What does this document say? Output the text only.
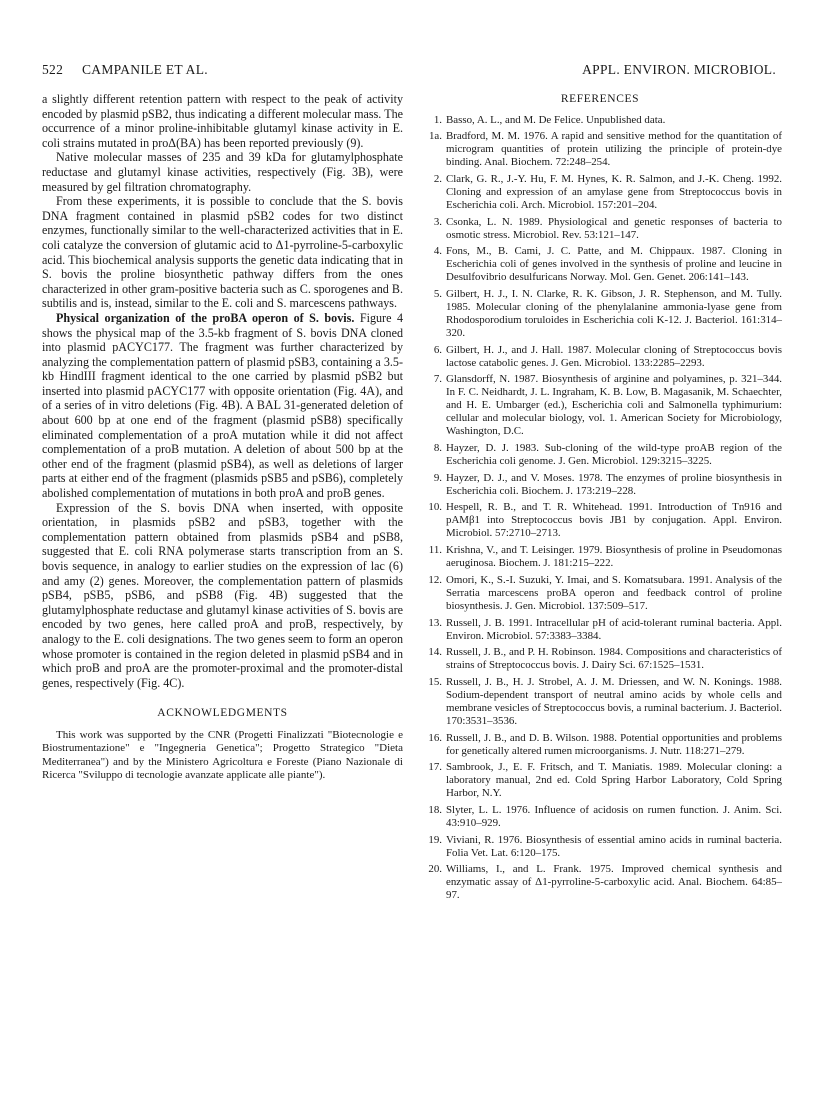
522 CAMPANILE ET AL.	APPL. ENVIRON. MICROBIOL.

a slightly different retention pattern with respect to the peak of activity encoded by plasmid pSB2, thus indicating a different molecular mass. The occurrence of a minor proline-inhibitable glutamyl kinase activity in E. coli strains mutated in proΔ(BA) has been reported previously (9).

Native molecular masses of 235 and 39 kDa for glutamylphosphate reductase and glutamyl kinase activities, respectively (Fig. 3B), were measured by gel filtration chromatography.

From these experiments, it is possible to conclude that the S. bovis DNA fragment contained in plasmid pSB2 codes for two distinct enzymes, functionally similar to the well-characterized activities that in E. coli catalyze the conversion of glutamic acid to Δ1-pyrroline-5-carboxylic acid. This biochemical analysis supports the genetic data indicating that in S. bovis the proline biosynthetic pathway differs from the ones characterized in other gram-positive bacteria such as C. sporogenes and B. subtilis and is, instead, similar to the E. coli and S. marcescens pathways.

Physical organization of the proBA operon of S. bovis. Figure 4 shows the physical map of the 3.5-kb fragment of S. bovis DNA cloned into plasmid pACYC177. The fragment was further characterized by analyzing the complementation pattern of plasmid pSB3, containing a 3.5-kb HindIII fragment identical to the one carried by plasmid pSB2 but inserted into plasmid pACYC177 with opposite orientation (Fig. 4A), and of a series of in vitro deletions (Fig. 4B). A BAL 31-generated deletion of about 600 bp at one end of the fragment (plasmid pSB8) specifically eliminated complementation of a proA mutation while it did not affect complementation of a proB mutation. A deletion of about 500 bp at the other end of the fragment (plasmid pSB4), as well as deletions of larger parts at either end of the fragment (plasmids pSB5 and pSB6), completely abolished complementation of mutations in both proA and proB genes.

Expression of the S. bovis DNA when inserted, with opposite orientation, in plasmids pSB2 and pSB3, together with the complementation pattern obtained from plasmids pSB4 and pSB8, suggested that E. coli RNA polymerase starts transcription from an S. bovis sequence, in analogy to earlier studies on the expression of lac (6) and amy (2) genes. Moreover, the complementation pattern of plasmids pSB4, pSB5, pSB6, and pSB8 (Fig. 4B) suggested that the glutamylphosphate reductase and glutamyl kinase activities of S. bovis are encoded by two genes, here called proA and proB, respectively, by analogy to the E. coli designations. The two genes seem to form an operon whose promoter is contained in the region deleted in plasmid pSB4 and in which proB and proA are the promoter-proximal and the promoter-distal genes, respectively (Fig. 4C).

ACKNOWLEDGMENTS

This work was supported by the CNR (Progetti Finalizzati "Biotecnologie e Biostrumentazione" e "Ingegneria Genetica"; Progetto Strategico "Dieta Mediterranea") and by the Ministero Agricoltura e Foreste (Piano Nazionale di Ricerca "Sviluppo di tecnologie avanzate applicate alle piante").

REFERENCES
1. Basso, A. L., and M. De Felice. Unpublished data.
1a. Bradford, M. M. 1976. A rapid and sensitive method for the quantitation of microgram quantities of protein utilizing the principle of protein-dye binding. Anal. Biochem. 72:248–254.
2. Clark, G. R., J.-Y. Hu, F. M. Hynes, K. R. Salmon, and J.-K. Cheng. 1992. Cloning and expression of an amylase gene from Streptococcus bovis in Escherichia coli. Arch. Microbiol. 157:201–204.
3. Csonka, L. N. 1989. Physiological and genetic responses of bacteria to osmotic stress. Microbiol. Rev. 53:121–147.
4. Fons, M., B. Cami, J. C. Patte, and M. Chippaux. 1987. Cloning in Escherichia coli of genes involved in the synthesis of proline and leucine in Desulfovibrio desulfuricans Norway. Mol. Gen. Genet. 206:141–143.
5. Gilbert, H. J., I. N. Clarke, R. K. Gibson, J. R. Stephenson, and M. Tully. 1985. Molecular cloning of the phenylalanine ammonia-lyase gene from Rhodosporodium toruloides in Escherichia coli K-12. J. Bacteriol. 161:314–320.
6. Gilbert, H. J., and J. Hall. 1987. Molecular cloning of Streptococcus bovis lactose catabolic genes. J. Gen. Microbiol. 133:2285–2293.
7. Glansdorff, N. 1987. Biosynthesis of arginine and polyamines, p. 321–344. In F. C. Neidhardt, J. L. Ingraham, K. B. Low, B. Magasanik, M. Schaechter, and H. E. Umbarger (ed.), Escherichia coli and Salmonella typhimurium: cellular and molecular biology, vol. 1. American Society for Microbiology, Washington, D.C.
8. Hayzer, D. J. 1983. Sub-cloning of the wild-type proAB region of the Escherichia coli genome. J. Gen. Microbiol. 129:3215–3225.
9. Hayzer, D. J., and V. Moses. 1978. The enzymes of proline biosynthesis in Escherichia coli. Biochem. J. 173:219–228.
10. Hespell, R. B., and T. R. Whitehead. 1991. Introduction of Tn916 and pAMβ1 into Streptococcus bovis JB1 by conjugation. Appl. Environ. Microbiol. 57:2710–2713.
11. Krishna, V., and T. Leisinger. 1979. Biosynthesis of proline in Pseudomonas aeruginosa. Biochem. J. 181:215–222.
12. Omori, K., S.-I. Suzuki, Y. Imai, and S. Komatsubara. 1991. Analysis of the Serratia marcescens proBA operon and feedback control of proline biosynthesis. J. Gen. Microbiol. 137:509–517.
13. Russell, J. B. 1991. Intracellular pH of acid-tolerant ruminal bacteria. Appl. Environ. Microbiol. 57:3383–3384.
14. Russell, J. B., and P. H. Robinson. 1984. Compositions and characteristics of strains of Streptococcus bovis. J. Dairy Sci. 67:1525–1531.
15. Russell, J. B., H. J. Strobel, A. J. M. Driessen, and W. N. Konings. 1988. Sodium-dependent transport of neutral amino acids by whole cells and membrane vesicles of Streptococcus bovis, a ruminal bacterium. J. Bacteriol. 170:3531–3536.
16. Russell, J. B., and D. B. Wilson. 1988. Potential opportunities and problems for genetically altered rumen microorganisms. J. Nutr. 118:271–279.
17. Sambrook, J., E. F. Fritsch, and T. Maniatis. 1989. Molecular cloning: a laboratory manual, 2nd ed. Cold Spring Harbor Laboratory, Cold Spring Harbor, N.Y.
18. Slyter, L. L. 1976. Influence of acidosis on rumen function. J. Anim. Sci. 43:910–929.
19. Viviani, R. 1976. Biosynthesis of essential amino acids in ruminal bacteria. Folia Vet. Lat. 6:120–175.
20. Williams, I., and L. Frank. 1975. Improved chemical synthesis and enzymatic assay of Δ1-pyrroline-5-carboxylic acid. Anal. Biochem. 64:85–97.
